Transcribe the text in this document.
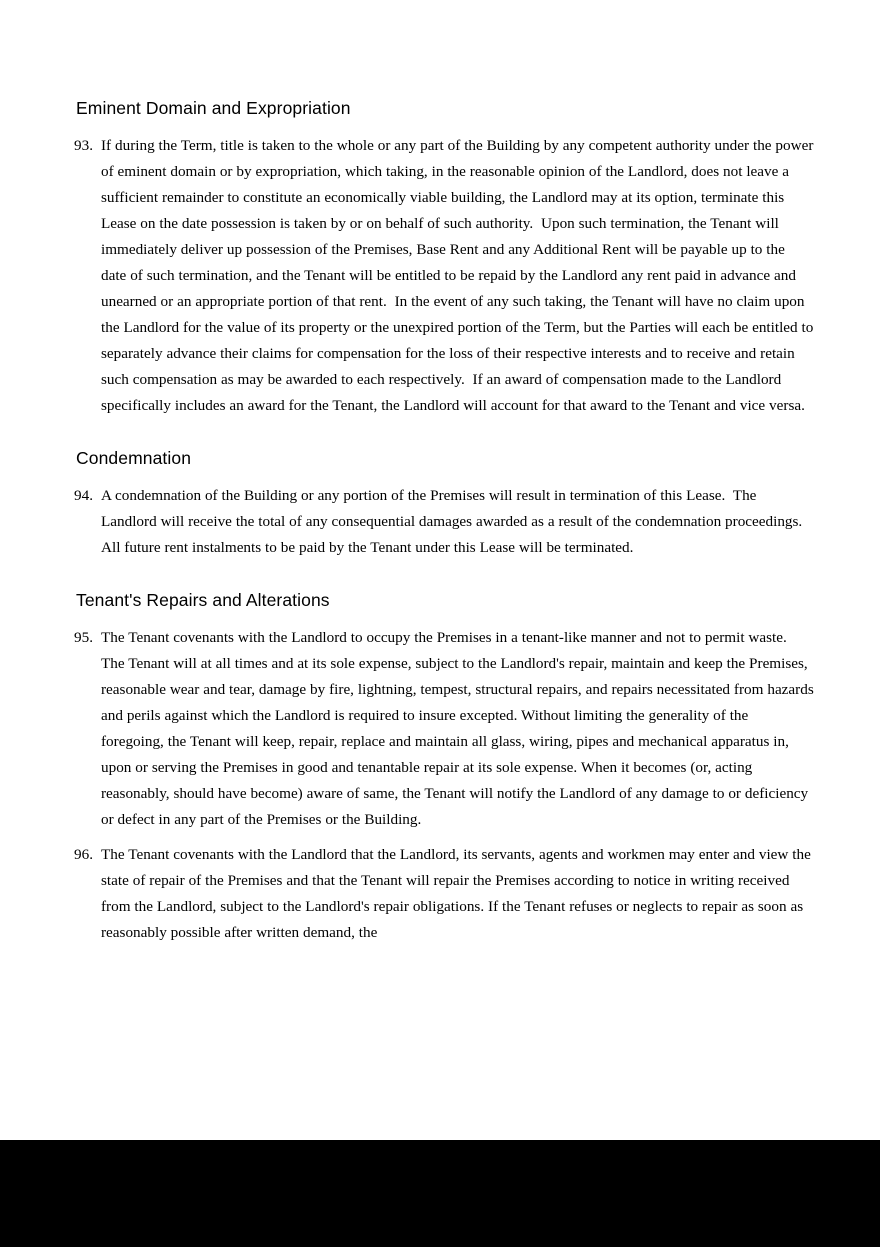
Eminent Domain and Expropriation
93. If during the Term, title is taken to the whole or any part of the Building by any competent authority under the power of eminent domain or by expropriation, which taking, in the reasonable opinion of the Landlord, does not leave a sufficient remainder to constitute an economically viable building, the Landlord may at its option, terminate this Lease on the date possession is taken by or on behalf of such authority.  Upon such termination, the Tenant will immediately deliver up possession of the Premises, Base Rent and any Additional Rent will be payable up to the date of such termination, and the Tenant will be entitled to be repaid by the Landlord any rent paid in advance and unearned or an appropriate portion of that rent.  In the event of any such taking, the Tenant will have no claim upon the Landlord for the value of its property or the unexpired portion of the Term, but the Parties will each be entitled to separately advance their claims for compensation for the loss of their respective interests and to receive and retain such compensation as may be awarded to each respectively.  If an award of compensation made to the Landlord specifically includes an award for the Tenant, the Landlord will account for that award to the Tenant and vice versa.
Condemnation
94. A condemnation of the Building or any portion of the Premises will result in termination of this Lease.  The Landlord will receive the total of any consequential damages awarded as a result of the condemnation proceedings.  All future rent instalments to be paid by the Tenant under this Lease will be terminated.
Tenant's Repairs and Alterations
95. The Tenant covenants with the Landlord to occupy the Premises in a tenant-like manner and not to permit waste. The Tenant will at all times and at its sole expense, subject to the Landlord's repair, maintain and keep the Premises, reasonable wear and tear, damage by fire, lightning, tempest, structural repairs, and repairs necessitated from hazards and perils against which the Landlord is required to insure excepted. Without limiting the generality of the foregoing, the Tenant will keep, repair, replace and maintain all glass, wiring, pipes and mechanical apparatus in, upon or serving the Premises in good and tenantable repair at its sole expense. When it becomes (or, acting reasonably, should have become) aware of same, the Tenant will notify the Landlord of any damage to or deficiency or defect in any part of the Premises or the Building.
96. The Tenant covenants with the Landlord that the Landlord, its servants, agents and workmen may enter and view the state of repair of the Premises and that the Tenant will repair the Premises according to notice in writing received from the Landlord, subject to the Landlord's repair obligations. If the Tenant refuses or neglects to repair as soon as reasonably possible after written demand, the
